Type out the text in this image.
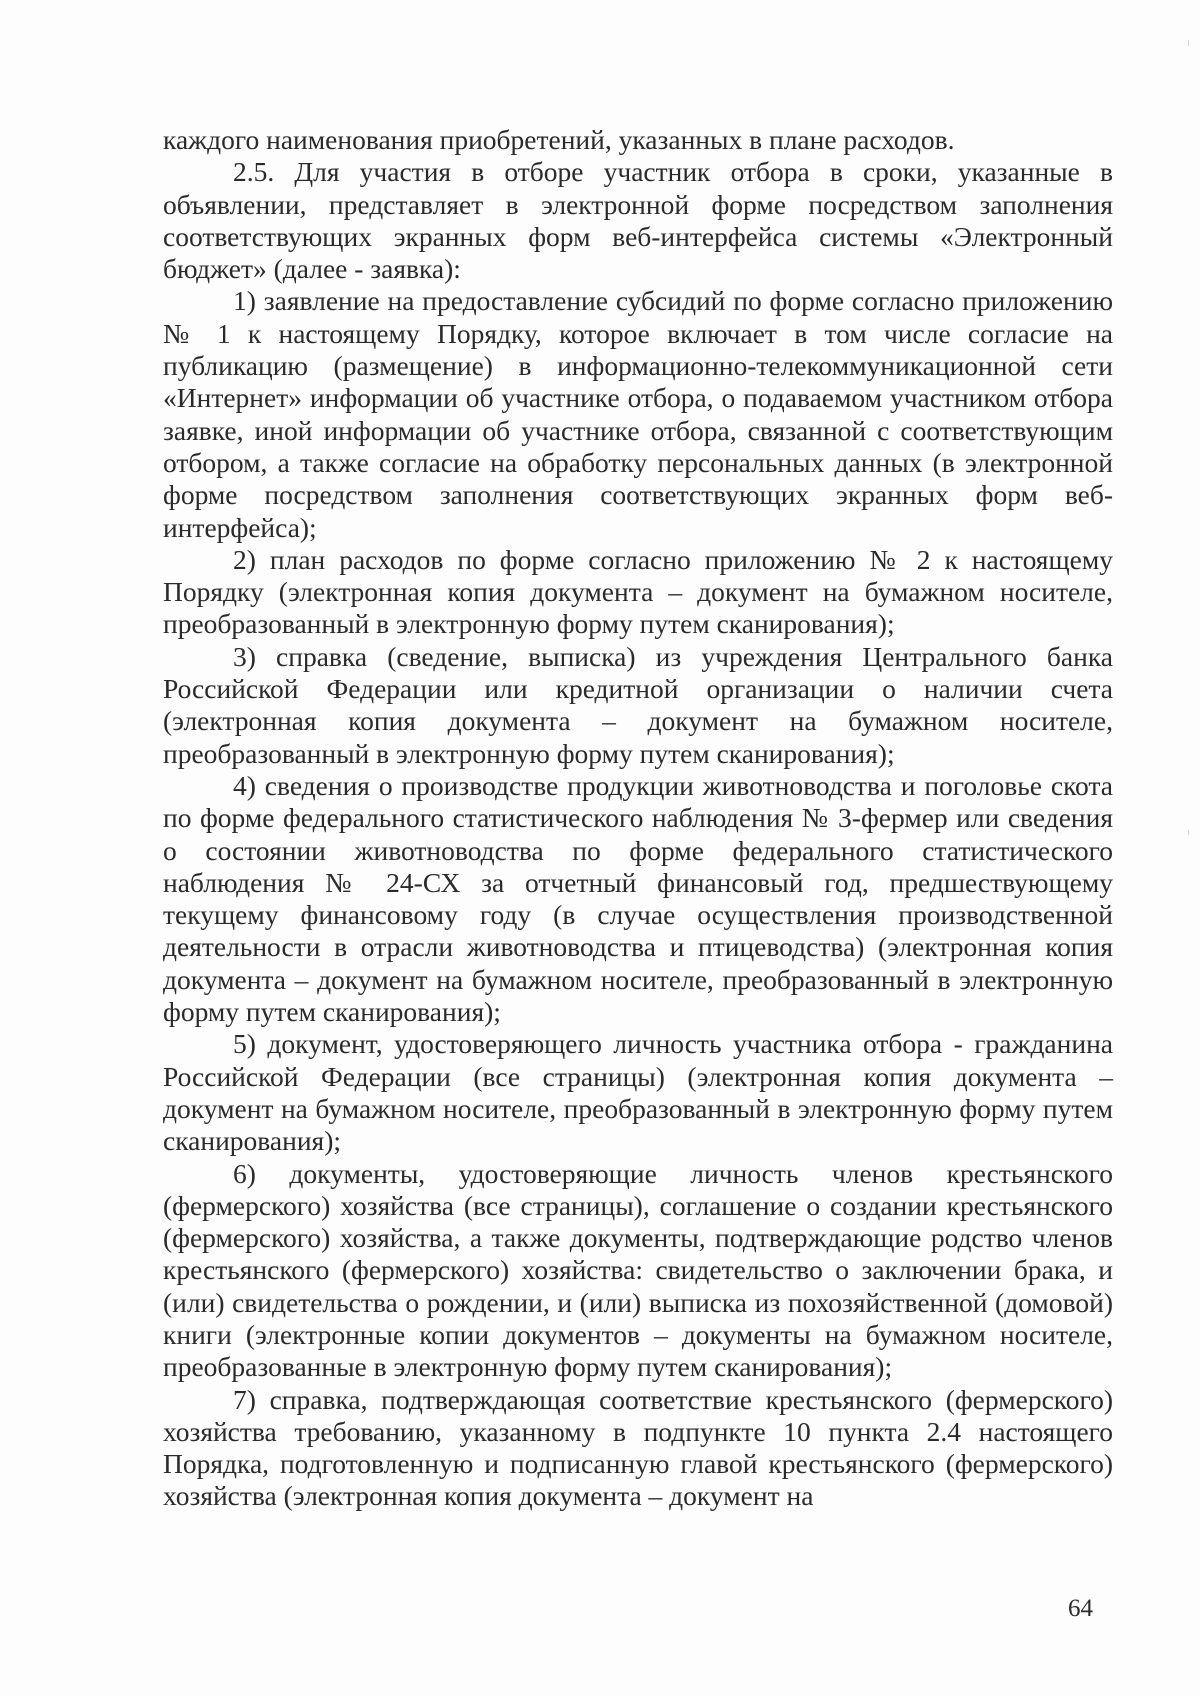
каждого наименования приобретений, указанных в плане расходов.

2.5. Для участия в отборе участник отбора в сроки, указанные в объявлении, представляет в электронной форме посредством заполнения соответствующих экранных форм веб-интерфейса системы «Электронный бюджет» (далее - заявка):

1) заявление на предоставление субсидий по форме согласно приложению № 1 к настоящему Порядку, которое включает в том числе согласие на публикацию (размещение) в информационно-телекоммуникационной сети «Интернет» информации об участнике отбора, о подаваемом участником отбора заявке, иной информации об участнике отбора, связанной с соответствующим отбором, а также согласие на обработку персональных данных (в электронной форме посредством заполнения соответствующих экранных форм веб-интерфейса);

2) план расходов по форме согласно приложению № 2 к настоящему Порядку (электронная копия документа – документ на бумажном носителе, преобразованный в электронную форму путем сканирования);

3) справка (сведение, выписка) из учреждения Центрального банка Российской Федерации или кредитной организации о наличии счета (электронная копия документа – документ на бумажном носителе, преобразованный в электронную форму путем сканирования);

4) сведения о производстве продукции животноводства и поголовье скота по форме федерального статистического наблюдения № 3-фермер или сведения о состоянии животноводства по форме федерального статистического наблюдения № 24-СХ за отчетный финансовый год, предшествующему текущему финансовому году (в случае осуществления производственной деятельности в отрасли животноводства и птицеводства) (электронная копия документа – документ на бумажном носителе, преобразованный в электронную форму путем сканирования);

5) документ, удостоверяющего личность участника отбора - гражданина Российской Федерации (все страницы) (электронная копия документа – документ на бумажном носителе, преобразованный в электронную форму путем сканирования);

6) документы, удостоверяющие личность членов крестьянского (фермерского) хозяйства (все страницы), соглашение о создании крестьянского (фермерского) хозяйства, а также документы, подтверждающие родство членов крестьянского (фермерского) хозяйства: свидетельство о заключении брака, и (или) свидетельства о рождении, и (или) выписка из похозяйственной (домовой) книги (электронные копии документов – документы на бумажном носителе, преобразованные в электронную форму путем сканирования);

7) справка, подтверждающая соответствие крестьянского (фермерского) хозяйства требованию, указанному в подпункте 10 пункта 2.4 настоящего Порядка, подготовленную и подписанную главой крестьянского (фермерского) хозяйства (электронная копия документа – документ на

64
